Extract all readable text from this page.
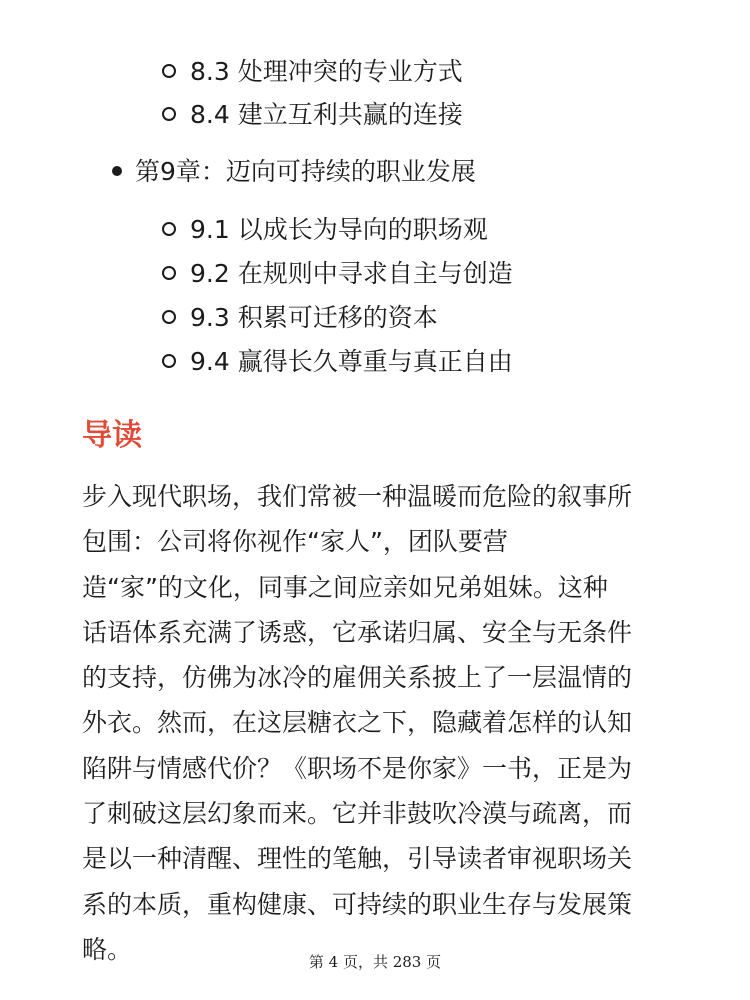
8.3 处理冲突的专业方式
8.4 建立互利共赢的连接
第9章：迈向可持续的职业发展
9.1 以成长为导向的职场观
9.2 在规则中寻求自主与创造
9.3 积累可迁移的资本
9.4 赢得长久尊重与真正自由
导读

步入现代职场，我们常被一种温暖而危险的叙事所
包围：公司将你视作“家人”，团队要营
造“家”的文化，同事之间应亲如兄弟姐妹。这种
话语体系充满了诱惑，它承诺归属、安全与无条件
的支持，仿佛为冰冷的雇佣关系披上了一层温情的
外衣。然而，在这层糖衣之下，隐藏着怎样的认知
陷阱与情感代价？《职场不是你家》一书，正是为
了刺破这层幻象而来。它并非鼓吹冷漠与疏离，而
是以一种清醒、理性的笔触，引导读者审视职场关
系的本质，重构健康、可持续的职业生存与发展策
略。	第 4 页，共 283 页
